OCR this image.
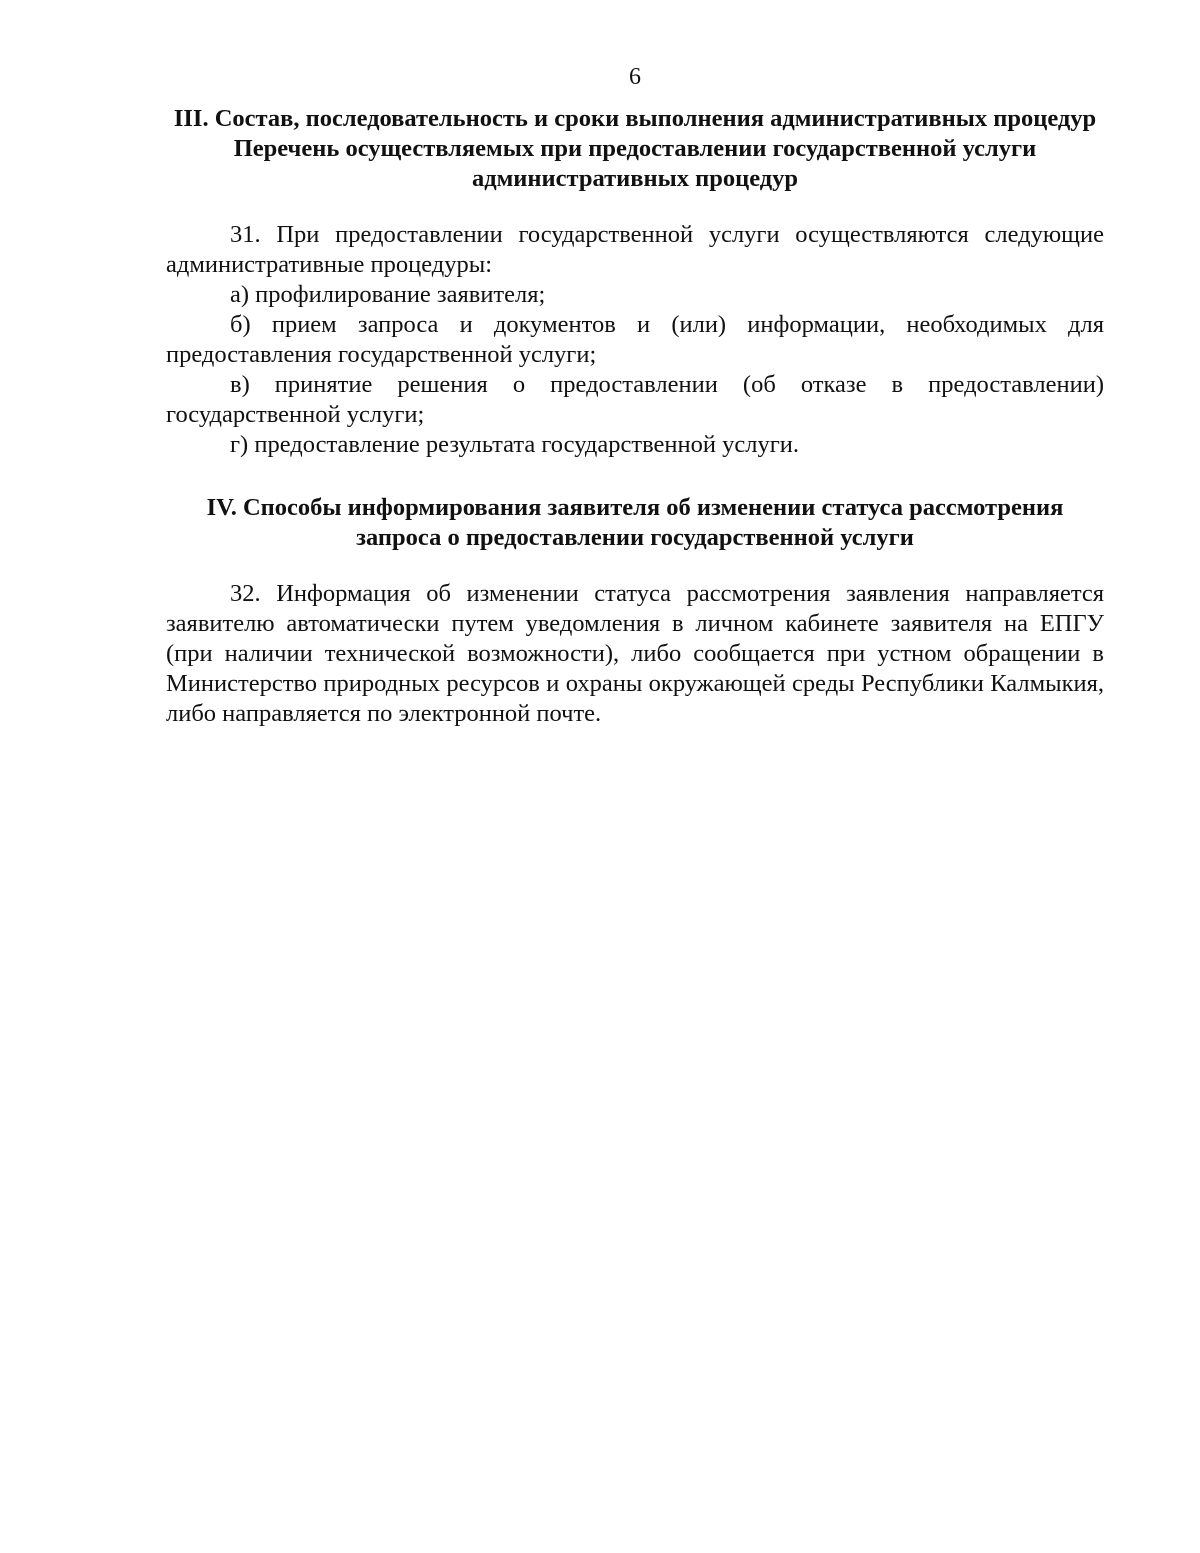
6

III. Состав, последовательность и сроки выполнения административных процедур

Перечень осуществляемых при предоставлении государственной услуги административных процедур

31. При предоставлении государственной услуги осуществляются следующие административные процедуры:

а) профилирование заявителя;

б) прием запроса и документов и (или) информации, необходимых для предоставления государственной услуги;

в) принятие решения о предоставлении (об отказе в предоставлении) государственной услуги;

г) предоставление результата государственной услуги.

IV. Способы информирования заявителя об изменении статуса рассмотрения запроса о предоставлении государственной услуги

32. Информация об изменении статуса рассмотрения заявления направляется заявителю автоматически путем уведомления в личном кабинете заявителя на ЕПГУ (при наличии технической возможности), либо сообщается при устном обращении в Министерство природных ресурсов и охраны окружающей среды Республики Калмыкия, либо направляется по электронной почте.
